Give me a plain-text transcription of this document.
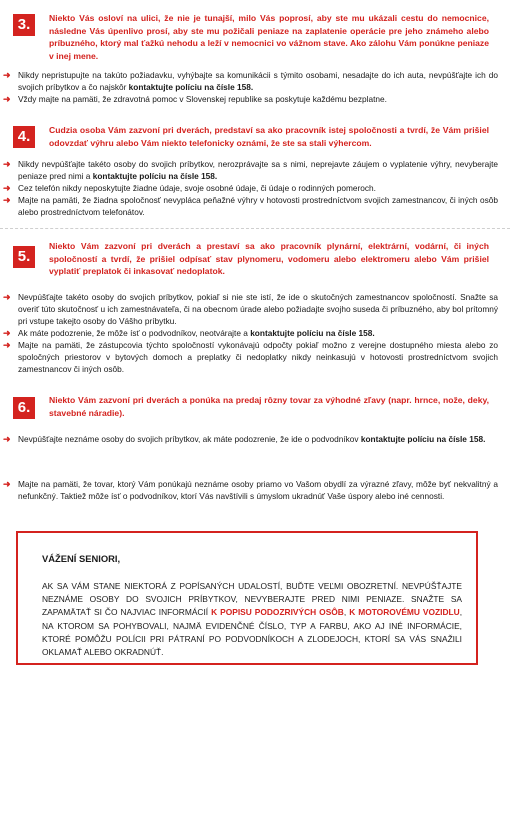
3.	Niekto Vás osloví na ulici, že nie je tunajší, milo Vás poprosí, aby ste mu ukázali cestu do nemocnice, následne Vás úpenlivo prosí, aby ste mu požičali peniaze na zaplatenie operácie pre jeho známeho alebo príbuzného, ktorý mal ťažkú nehodu a leží v nemocnici vo vážnom stave. Ako zálohu Vám ponúkne peniaze v inej mene.
➜ Nikdy nepristupujte na takúto požiadavku, vyhýbajte sa komunikácii s týmito osobami, nesadajte do ich auta, nevpúšťajte ich do svojich príbytkov a čo najskôr kontaktujte políciu na čísle 158.
➜ Vždy majte na pamäti, že zdravotná pomoc v Slovenskej republike sa poskytuje každému bezplatne.
4.	Cudzia osoba Vám zazvoní pri dverách, predstaví sa ako pracovník istej spoločnosti a tvrdí, že Vám prišiel odovzdať výhru alebo Vám niekto telefonicky oznámi, že ste sa stali výhercom.
➜ Nikdy nevpúšťajte takéto osoby do svojich príbytkov, nerozprávajte sa s nimi, neprejavte záujem o vyplatenie výhry, nevyberajte peniaze pred nimi a kontaktujte políciu na čísle 158.
➜ Cez telefón nikdy neposkytujte žiadne údaje, svoje osobné údaje, či údaje o rodinných pomeroch.
➜ Majte na pamäti, že žiadna spoločnosť nevypláca peňažné výhry v hotovosti prostredníctvom svojich zamestnancov, či iných osôb alebo prostredníctvom telefonátov.
5.
Niekto Vám zazvoní pri dverách a prestaví sa ako pracovník plynární, elektrární, vodární, či iných spoločností a tvrdí, že prišiel odpísať stav plynomeru, vodomeru alebo elektromeru alebo Vám prišiel vyplatiť preplatok či inkasovať nedoplatok.
➜ Nevpúšťajte takéto osoby do svojich príbytkov, pokiaľ si nie ste istí, že ide o skutočných zamestnancov spoločností. Snažte sa overiť túto skutočnosť u ich zamestnávateľa, či na obecnom úrade alebo požiadajte svojho suseda či príbuzného, aby bol prítomný pri vstupe takejto osoby do Vášho príbytku.
➜ Ak máte podozrenie, že môže ísť o podvodníkov, neotvárajte a kontaktujte políciu na čísle 158.
➜ Majte na pamäti, že zástupcovia týchto spoločností vykonávajú odpočty pokiaľ možno z verejne dostupného miesta alebo zo spoločných priestorov v bytových domoch a preplatky či nedoplatky nikdy neinkasujú v hotovosti prostredníctvom svojich zamestnancov či iných osôb.
6.	Niekto Vám zazvoní pri dverách a ponúka na predaj rôzny tovar za výhodné zľavy (napr. hrnce, nože, deky, stavebné náradie).
➜ Nevpúšťajte neznáme osoby do svojich príbytkov, ak máte podozrenie, že ide o podvodníkov kontaktujte políciu na čísle 158.
➜ Majte na pamäti, že tovar, ktorý Vám ponúkajú neznáme osoby priamo vo Vašom obydlí za výrazné zľavy, môže byť nekvalitný a nefunkčný. Taktiež môže ísť o podvodníkov, ktorí Vás navštívili s úmyslom ukradnúť Vaše úspory alebo iné cennosti.
VÁŽENÍ SENIORI,
AK SA VÁM STANE NIEKTORÁ Z POPÍSANÝCH UDALOSTÍ, BUĎTE VEĽMI OBOZRETNÍ. NEVPÚŠŤAJTE NEZNÁME OSOBY DO SVOJICH PRÍBYTKOV, NEVYBERAJTE PRED NIMI PENIAZE. SNAŽTE SA ZAPAMÄTAŤ SI ČO NAJVIAC INFORMÁCIÍ K POPISU PODOZRIVÝCH OSÔB, K MOTOROVÉMU VOZIDLU, NA KTOROM SA POHYBOVALI, NAJMÄ EVIDENČNÉ ČÍSLO, TYP A FARBU, AKO AJ INÉ INFORMÁCIE, KTORÉ POMÔŽU POLÍCII PRI PÁTRANÍ PO PODVODNÍKOCH A ZLODEJOCH, KTORÍ SA VÁS SNAŽILI OKLAMAŤ ALEBO OKRADNÚŤ.
